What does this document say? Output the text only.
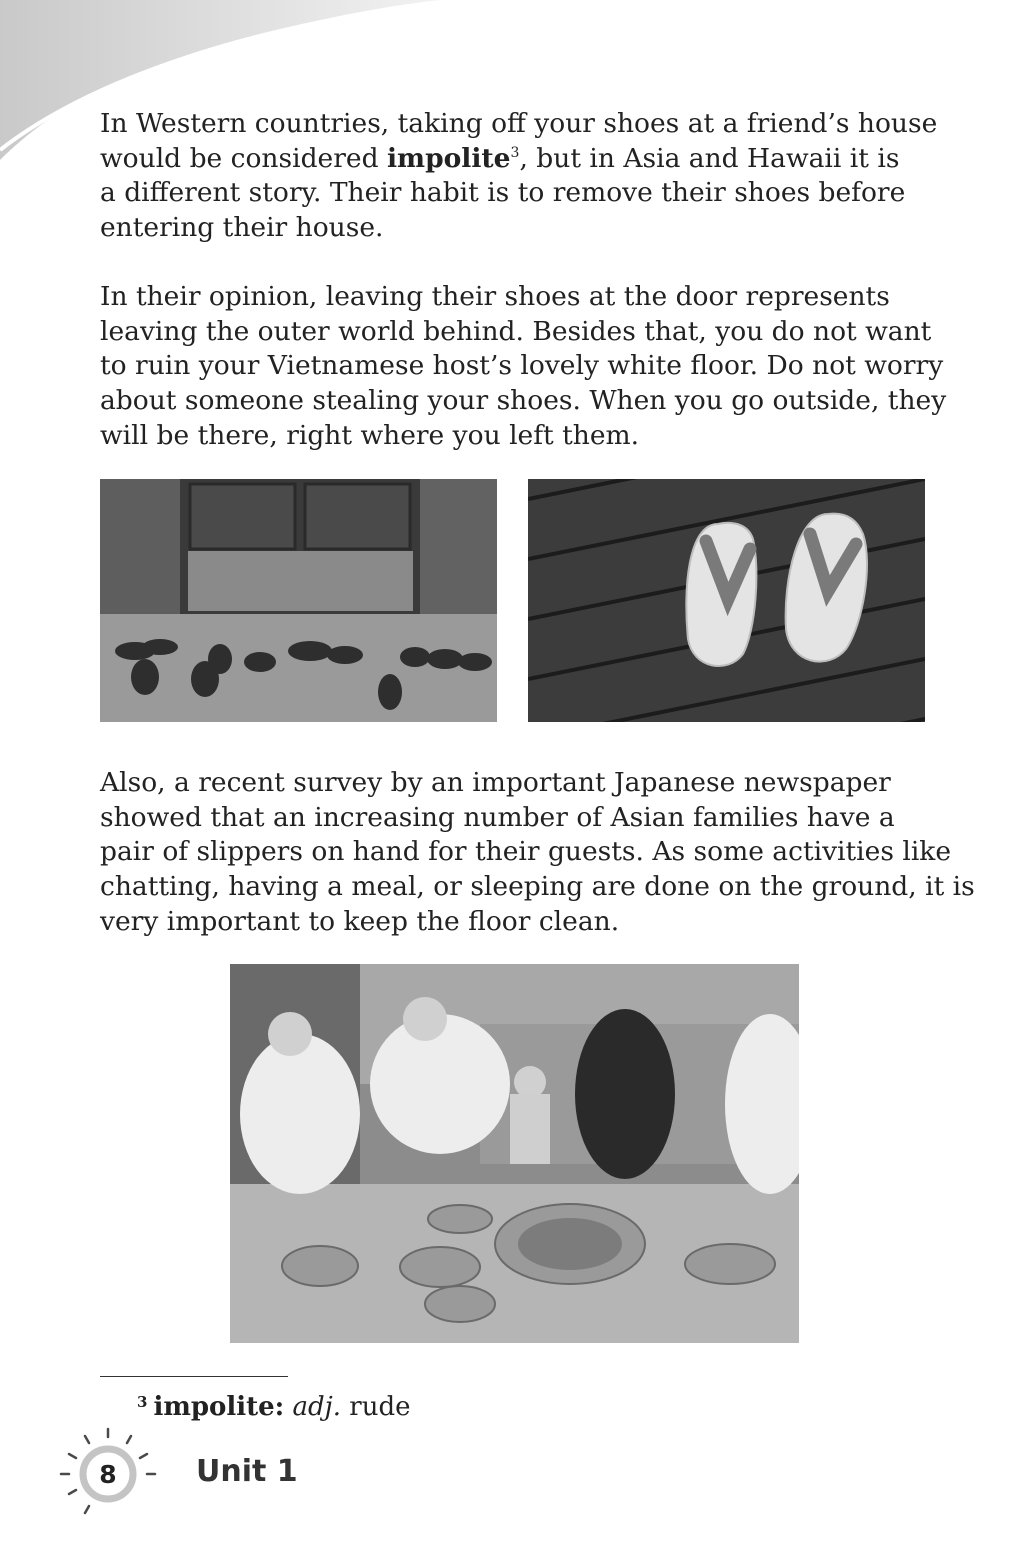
In Western countries, taking off your shoes at a friend’s house
would be considered impolite$^3$, but in Asia and Hawaii it is
a different story. Their habit is to remove their shoes before
entering their house.
In their opinion, leaving their shoes at the door represents
leaving the outer world behind. Besides that, you do not want
to ruin your Vietnamese host’s lovely white floor. Do not worry
about someone stealing your shoes. When you go outside, they
will be there, right where you left them.
Also, a recent survey by an important Japanese newspaper
showed that an increasing number of Asian families have a
pair of slippers on hand for their guests. As some activities like
chatting, having a meal, or sleeping are done on the ground, it is
very important to keep the floor clean.
$^3$ impolite: adj. rude
8	Unit 1
